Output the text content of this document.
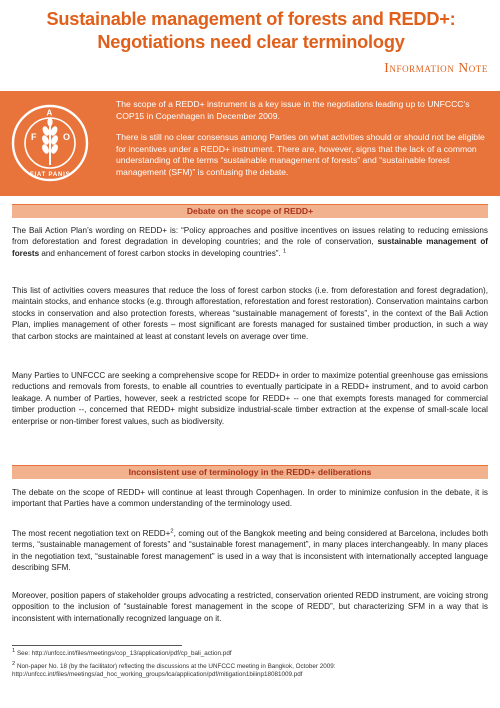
Sustainable management of forests and REDD+:
Negotiations need clear terminology
Information Note
F
A
O
FIAT PANIS

The scope of a REDD+ instrument is a key issue in the negotiations leading up to UNFCCC’s COP15 in Copenhagen in December 2009.

There is still no clear consensus among Parties on what activities should or should not be eligible for incentives under a REDD+ instrument. There are, however, signs that the lack of a common understanding of the terms “sustainable management of forests” and “sustainable forest management (SFM)” is confusing the debate.

Debate on the scope of REDD+
The Bali Action Plan’s wording on REDD+ is: “Policy approaches and positive incentives on issues relating to reducing emissions from deforestation and forest degradation in developing countries; and the role of conservation, sustainable management of forests and enhancement of forest carbon stocks in developing countries”. $^1$
This list of activities covers measures that reduce the loss of forest carbon stocks (i.e. from deforestation and forest degradation), maintain stocks, and enhance stocks (e.g. through afforestation, reforestation and forest restoration). Conservation maintains carbon stocks in conservation and also protection forests, whereas “sustainable management of forests”, in the context of the Bali Action Plan, implies management of other forests – most significant are forests managed for sustained timber production, in such a way that carbon stocks are maintained at least at constant levels on average over time.
Many Parties to UNFCCC are seeking a comprehensive scope for REDD+ in order to maximize potential greenhouse gas emissions reductions and removals from forests, to enable all countries to eventually participate in a REDD+ instrument, and to avoid carbon leakage. A number of Parties, however, seek a restricted scope for REDD+ -- one that exempts forests managed for commercial timber production --, concerned that REDD+ might subsidize industrial-scale timber extraction at the expense of small-scale local enterprise or non-timber forest values, such as biodiversity.
Inconsistent use of terminology in the REDD+ deliberations
The debate on the scope of REDD+ will continue at least through Copenhagen. In order to minimize confusion in the debate, it is important that Parties have a common understanding of the terminology used.
The most recent negotiation text on REDD+$^2$, coming out of the Bangkok meeting and being considered at Barcelona, includes both terms, “sustainable management of forests” and “sustainable forest management”, in many places interchangeably. In many places in the negotiation text, “sustainable forest management” is used in a way that is inconsistent with internationally accepted language describing SFM.
Moreover, position papers of stakeholder groups advocating a restricted, conservation oriented REDD instrument, are voicing strong opposition to the inclusion of “sustainable forest management in the scope of REDD”, but characterizing SFM in a way that is inconsistent with internationally recognized language on it.
$^1$ See: http://unfccc.int/files/meetings/cop_13/application/pdf/cp_bali_action.pdf
$^2$ Non-paper No. 18 (by the facilitator) reflecting the discussions at the UNFCCC meeting in Bangkok, October 2009: http://unfccc.int/files/meetings/ad_hoc_working_groups/lca/application/pdf/mitigation1biiinp18081009.pdf
